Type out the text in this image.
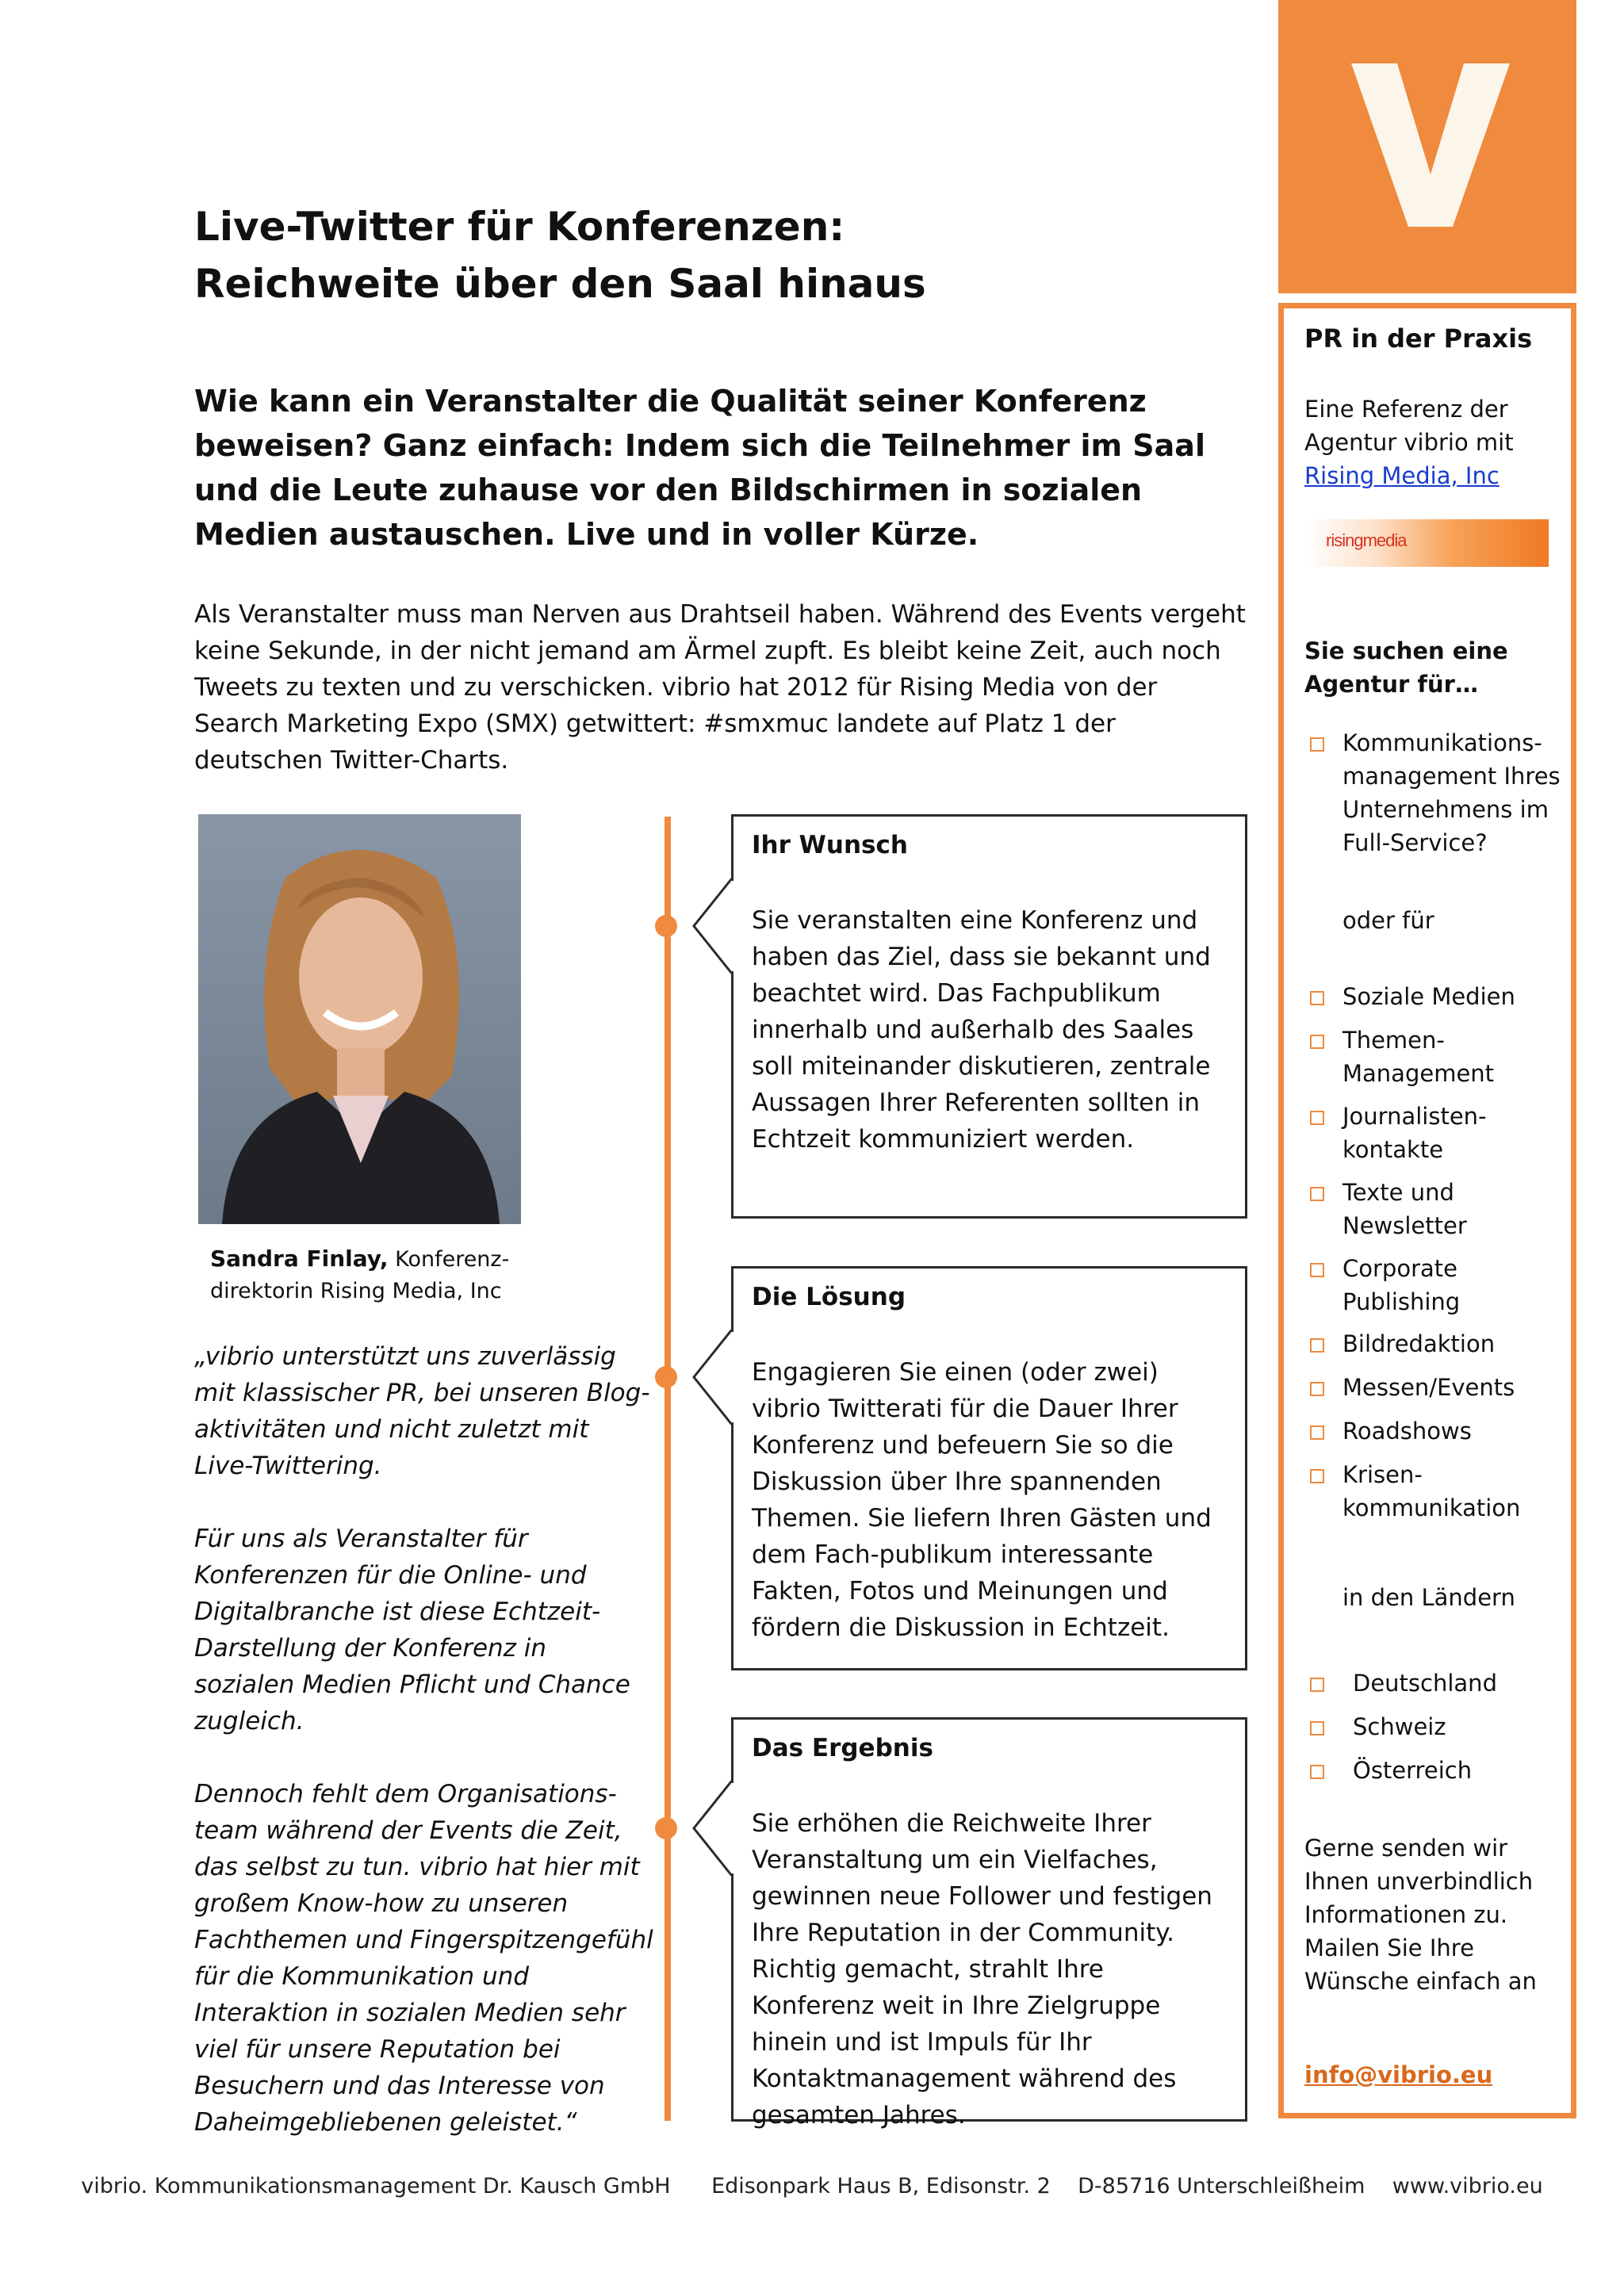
PR in der Praxis
Eine Referenz der
Agentur vibrio mit
Rising Media, Inc
risingmedia
Sie suchen eine
Agentur für…
Kommunikations-
management Ihres
Unternehmens im
Full-Service?
oder für
Soziale Medien
Themen-
Management
Journalisten-
kontakte
Texte und
Newsletter
Corporate
Publishing
Bildredaktion
Messen/Events
Roadshows
Krisen-
kommunikation
in den Ländern
Deutschland
Schweiz
Österreich
Gerne senden wir
Ihnen unverbindlich
Informationen zu.
Mailen Sie Ihre
Wünsche einfach an
info@vibrio.eu
Live-Twitter für Konferenzen:
Reichweite über den Saal hinaus
Wie kann ein Veranstalter die Qualität seiner Konferenz beweisen? Ganz einfach: Indem sich die Teilnehmer im Saal und die Leute zuhause vor den Bildschirmen in sozialen Medien austauschen. Live und in voller Kürze.
Als Veranstalter muss man Nerven aus Drahtseil haben. Während des Events vergeht keine Sekunde, in der nicht jemand am Ärmel zupft. Es bleibt keine Zeit, auch noch Tweets zu texten und zu verschicken. vibrio hat 2012 für Rising Media von der Search Marketing Expo (SMX) getwittert: #smxmuc landete auf Platz 1 der deutschen Twitter-Charts.
Sandra Finlay, Konferenz-
direktorin Rising Media, Inc

„vibrio unterstützt uns zuverlässig mit klassischer PR, bei unseren Blog-aktivitäten und nicht zuletzt mit Live-Twittering.

Für uns als Veranstalter für Konferenzen für die Online- und Digitalbranche ist diese Echtzeit-Darstellung der Konferenz in sozialen Medien Pflicht und Chance zugleich.

Dennoch fehlt dem Organisations-team während der Events die Zeit, das selbst zu tun. vibrio hat hier mit großem Know-how zu unseren Fachthemen und Fingerspitzengefühl für die Kommunikation und Interaktion in sozialen Medien sehr viel für unsere Reputation bei Besuchern und das Interesse von Daheimgebliebenen geleistet.“

Ihr Wunsch
Sie veranstalten eine Konferenz und haben das Ziel, dass sie bekannt und beachtet wird. Das Fachpublikum innerhalb und außerhalb des Saales soll miteinander diskutieren, zentrale Aussagen Ihrer Referenten sollten in Echtzeit kommuniziert werden.
Die Lösung
Engagieren Sie einen (oder zwei) vibrio Twitterati für die Dauer Ihrer Konferenz und befeuern Sie so die Diskussion über Ihre spannenden Themen. Sie liefern Ihren Gästen und dem Fach-publikum interessante Fakten, Fotos und Meinungen und fördern die Diskussion in Echtzeit.
Das Ergebnis
Sie erhöhen die Reichweite Ihrer Veranstaltung um ein Vielfaches, gewinnen neue Follower und festigen Ihre Reputation in der Community. Richtig gemacht, strahlt Ihre Konferenz weit in Ihre Zielgruppe hinein und ist Impuls für Ihr Kontaktmanagement während des gesamten Jahres.
vibrio. Kommunikationsmanagement Dr. Kausch GmbH      Edisonpark Haus B, Edisonstr. 2    D-85716 Unterschleißheim    www.vibrio.eu
